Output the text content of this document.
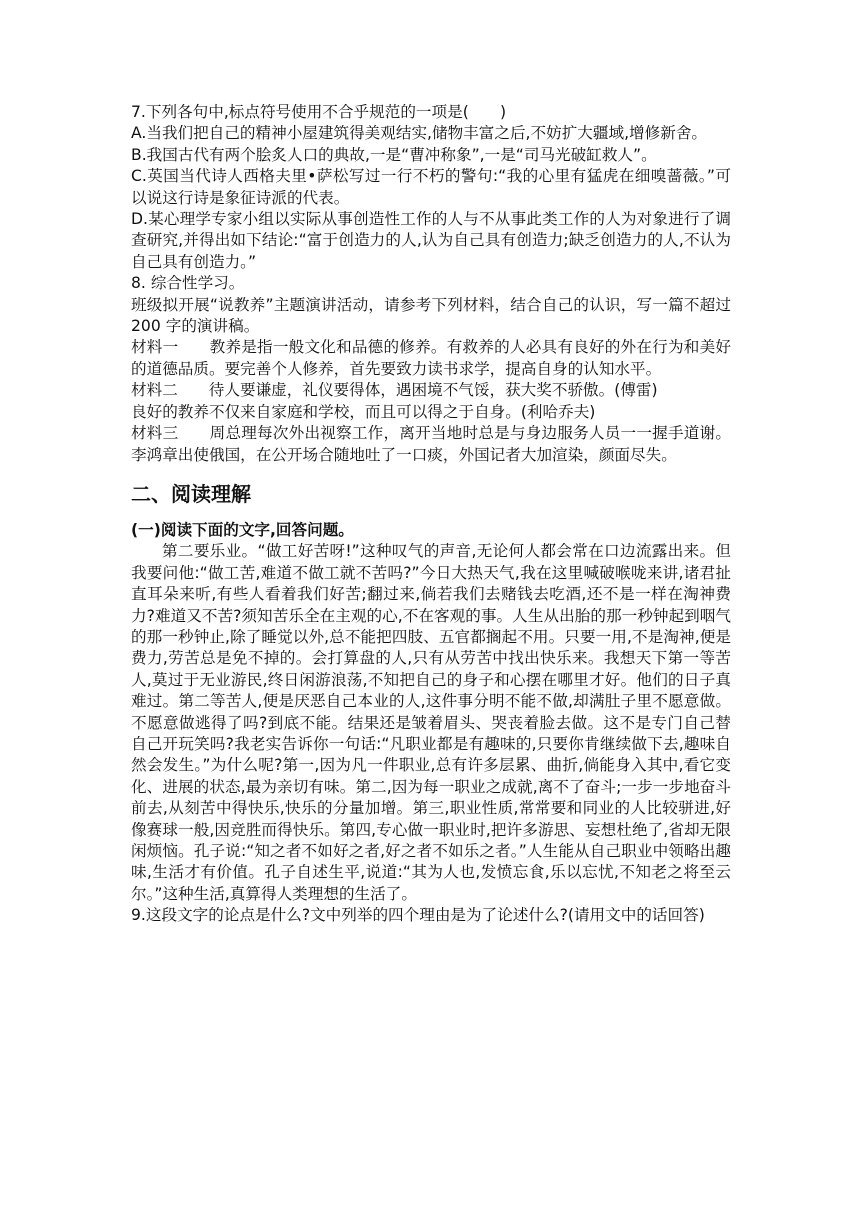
7.下列各句中,标点符号使用不合乎规范的一项是(　　)

A.当我们把自己的精神小屋建筑得美观结实,储物丰富之后,不妨扩大疆域,增修新舍。

B.我国古代有两个脍炙人口的典故,一是“曹冲称象”,一是“司马光破缸救人”。

C.英国当代诗人西格夫里•萨松写过一行不朽的警句:“我的心里有猛虎在细嗅蔷薇。”可以说这行诗是象征诗派的代表。

D.某心理学专家小组以实际从事创造性工作的人与不从事此类工作的人为对象进行了调查研究,并得出如下结论:“富于创造力的人,认为自己具有创造力;缺乏创造力的人,不认为自己具有创造力。”

8. 综合性学习。

班级拟开展“说教养”主题演讲活动，请参考下列材料，结合自己的认识，写一篇不超过 200 字的演讲稿。

材料一 教养是指一般文化和品德的修养。有救养的人必具有良好的外在行为和美好的道德品质。要完善个人修养，首先要致力读书求学，提高自身的认知水平。

材料二 待人要谦虚，礼仪要得体，遇困境不气馁，获大奖不骄傲。(傅雷)

良好的教养不仅来自家庭和学校，而且可以得之于自身。(利哈乔夫)

材料三 周总理每次外出视察工作，离开当地时总是与身边服务人员一一握手道谢。李鸿章出使俄国，在公开场合随地吐了一口痰，外国记者大加渲染，颜面尽失。

二、阅读理解

(一)阅读下面的文字,回答问题。

第二要乐业。“做工好苦呀!”这种叹气的声音,无论何人都会常在口边流露出来。但我要问他:“做工苦,难道不做工就不苦吗?”今日大热天气,我在这里喊破喉咙来讲,诸君扯直耳朵来听,有些人看着我们好苦;翻过来,倘若我们去赌钱去吃酒,还不是一样在淘神费力?难道又不苦?须知苦乐全在主观的心,不在客观的事。人生从出胎的那一秒钟起到咽气的那一秒钟止,除了睡觉以外,总不能把四肢、五官都搁起不用。只要一用,不是淘神,便是费力,劳苦总是免不掉的。会打算盘的人,只有从劳苦中找出快乐来。我想天下第一等苦人,莫过于无业游民,终日闲游浪荡,不知把自己的身子和心摆在哪里才好。他们的日子真难过。第二等苦人,便是厌恶自己本业的人,这件事分明不能不做,却满肚子里不愿意做。不愿意做逃得了吗?到底不能。结果还是皱着眉头、哭丧着脸去做。这不是专门自己替自己开玩笑吗?我老实告诉你一句话:“凡职业都是有趣味的,只要你肯继续做下去,趣味自然会发生。”为什么呢?第一,因为凡一件职业,总有许多层累、曲折,倘能身入其中,看它变化、进展的状态,最为亲切有味。第二,因为每一职业之成就,离不了奋斗;一步一步地奋斗前去,从刻苦中得快乐,快乐的分量加增。第三,职业性质,常常要和同业的人比较骈进,好像赛球一般,因竞胜而得快乐。第四,专心做一职业时,把许多游思、妄想杜绝了,省却无限闲烦恼。孔子说:“知之者不如好之者,好之者不如乐之者。”人生能从自己职业中领略出趣味,生活才有价值。孔子自述生平,说道:“其为人也,发愤忘食,乐以忘忧,不知老之将至云尔。”这种生活,真算得人类理想的生活了。

9.这段文字的论点是什么?文中列举的四个理由是为了论述什么?(请用文中的话回答)
